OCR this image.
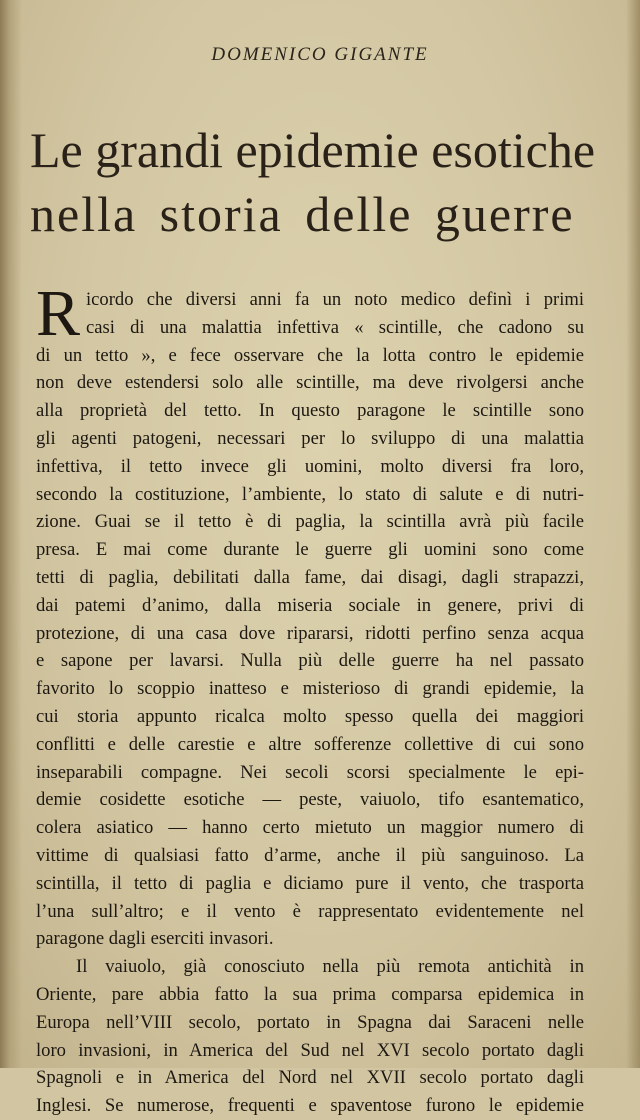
DOMENICO GIGANTE
Le grandi epidemie esotiche
nella storia delle guerre
R icordo che diversi anni fa un noto medico definì i primi
casi di una malattia infettiva « scintille, che cadono su
di un tetto », e fece osservare che la lotta contro le epidemie
non deve estendersi solo alle scintille, ma deve rivolgersi anche
alla proprietà del tetto. In questo paragone le scintille sono
gli agenti patogeni, necessari per lo sviluppo di una malattia
infettiva, il tetto invece gli uomini, molto diversi fra loro,
secondo la costituzione, l’ambiente, lo stato di salute e di nutri-
zione. Guai se il tetto è di paglia, la scintilla avrà più facile
presa. E mai come durante le guerre gli uomini sono come
tetti di paglia, debilitati dalla fame, dai disagi, dagli strapazzi,
dai patemi d’animo, dalla miseria sociale in genere, privi di
protezione, di una casa dove ripararsi, ridotti perfino senza acqua
e sapone per lavarsi. Nulla più delle guerre ha nel passato
favorito lo scoppio inatteso e misterioso di grandi epidemie, la
cui storia appunto ricalca molto spesso quella dei maggiori
conflitti e delle carestie e altre sofferenze collettive di cui sono
inseparabili compagne. Nei secoli scorsi specialmente le epi-
demie cosidette esotiche — peste, vaiuolo, tifo esantematico,
colera asiatico — hanno certo mietuto un maggior numero di
vittime di qualsiasi fatto d’arme, anche il più sanguinoso. La
scintilla, il tetto di paglia e diciamo pure il vento, che trasporta
l’una sull’altro; e il vento è rappresentato evidentemente nel
paragone dagli eserciti invasori.
Il vaiuolo, già conosciuto nella più remota antichità in
Oriente, pare abbia fatto la sua prima comparsa epidemica in
Europa nell’VIII secolo, portato in Spagna dai Saraceni nelle
loro invasioni, in America del Sud nel XVI secolo portato dagli
Spagnoli e in America del Nord nel XVII secolo portato dagli
Inglesi. Se numerose, frequenti e spaventose furono le epidemie
